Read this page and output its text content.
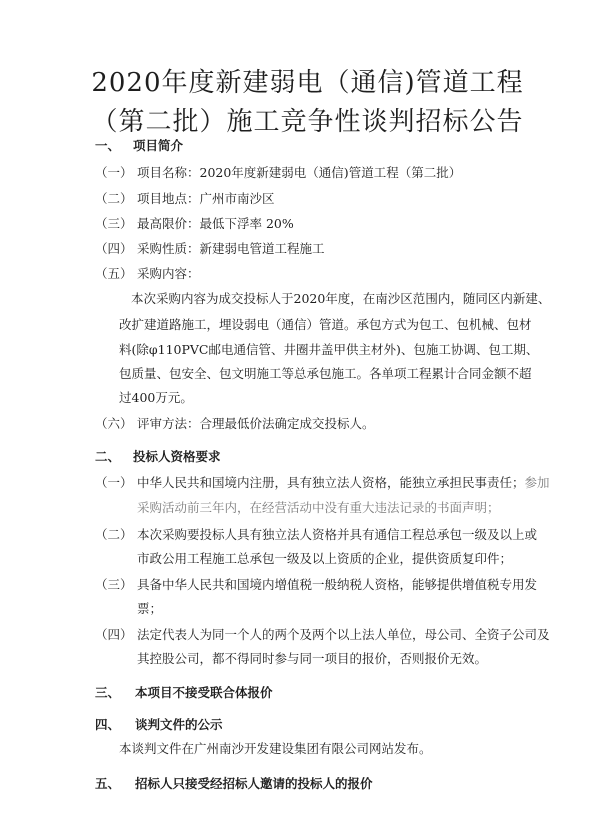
2020年度新建弱电（通信)管道工程
（第二批）施工竞争性谈判招标公告
一、 项目简介
（一） 项目名称：2020年度新建弱电（通信)管道工程（第二批）
（二） 项目地点：广州市南沙区
（三） 最高限价：最低下浮率 20%
（四） 采购性质：新建弱电管道工程施工
（五） 采购内容：
本次采购内容为成交投标人于2020年度，在南沙区范围内，随同区内新建、
改扩建道路施工，埋设弱电（通信）管道。承包方式为包工、包机械、包材
料(除φ110PVC邮电通信管、井圈井盖甲供主材外)、包施工协调、包工期、
包质量、包安全、包文明施工等总承包施工。各单项工程累计合同金额不超
过400万元。
（六） 评审方法：合理最低价法确定成交投标人。
二、 投标人资格要求
（一） 中华人民共和国境内注册，具有独立法人资格，能独立承担民事责任；参加
采购活动前三年内，在经营活动中没有重大违法记录的书面声明；
（二） 本次采购要投标人具有独立法人资格并具有通信工程总承包一级及以上或
市政公用工程施工总承包一级及以上资质的企业，提供资质复印件；
（三） 具备中华人民共和国境内增值税一般纳税人资格，能够提供增值税专用发
票；
（四） 法定代表人为同一个人的两个及两个以上法人单位，母公司、全资子公司及
其控股公司，都不得同时参与同一项目的报价，否则报价无效。
三、 本项目不接受联合体报价
四、 谈判文件的公示
本谈判文件在广州南沙开发建设集团有限公司网站发布。
五、 招标人只接受经招标人邀请的投标人的报价
